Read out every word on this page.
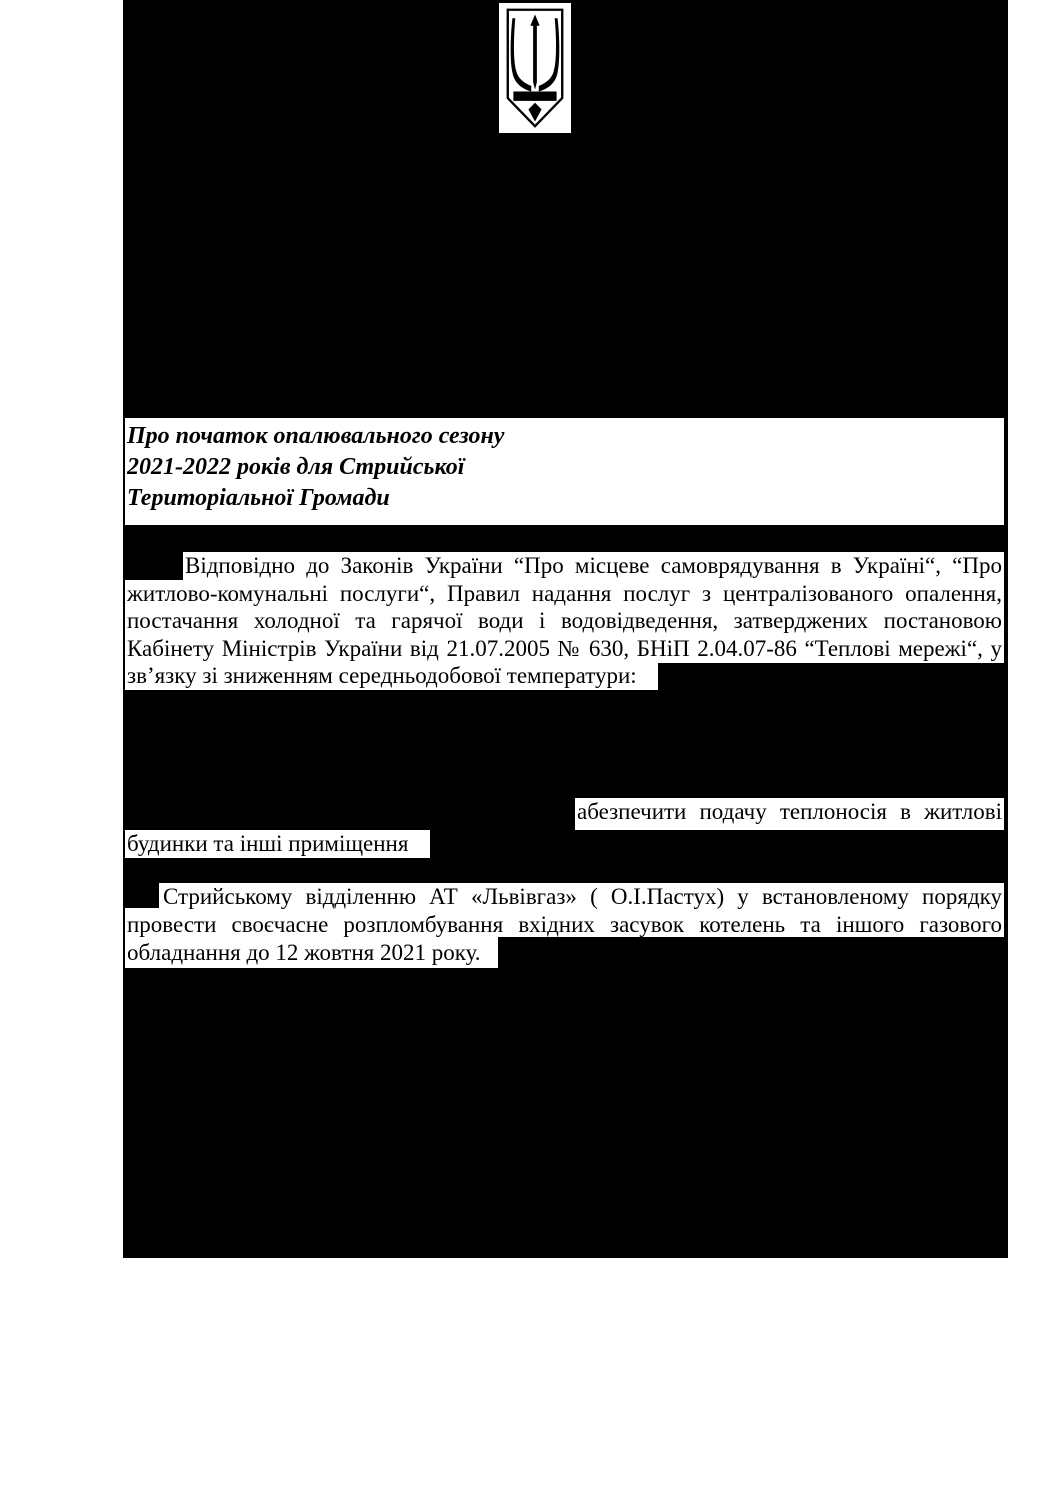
Про початок опалювального сезону
2021-2022 років для Стрийської
Територіальної Громади
Відповідно до Законів України “Про місцеве самоврядування в Україні“, “Про
житлово-комунальні послуги“, Правил надання послуг з централізованого опалення,
постачання холодної та гарячої води і водовідведення, затверджених постановою
Кабінету Міністрів України від 21.07.2005 № 630, БНіП 2.04.07-86 “Теплові мережі“, у
зв’язку зі зниженням середньодобової температури:
абезпечити подачу теплоносія в житлові
будинки та інші приміщення
Стрийському відділенню АТ «Львівгаз» ( О.І.Пастух) у встановленому порядку
провести своєчасне розпломбування вхідних засувок котелень та іншого газового
обладнання до 12 жовтня 2021 року.
